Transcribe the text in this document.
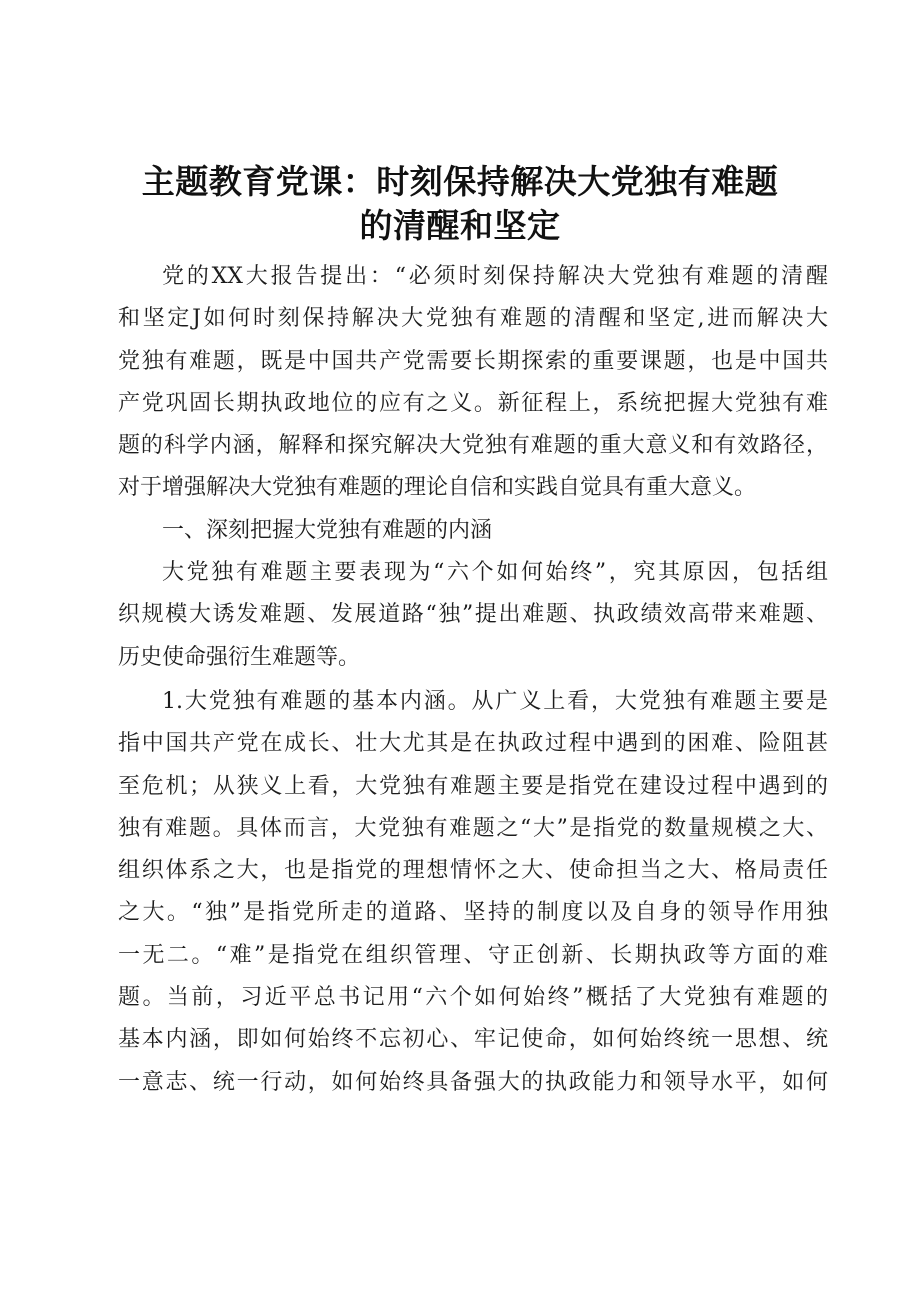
主题教育党课：时刻保持解决大党独有难题
的清醒和坚定
党的XX大报告提出：“必须时刻保持解决大党独有难题的清醒
和坚定J如何时刻保持解决大党独有难题的清醒和坚定,进而解决大
党独有难题，既是中国共产党需要长期探索的重要课题，也是中国共
产党巩固长期执政地位的应有之义。新征程上，系统把握大党独有难
题的科学内涵，解释和探究解决大党独有难题的重大意义和有效路径，
对于增强解决大党独有难题的理论自信和实践自觉具有重大意义。
一、深刻把握大党独有难题的内涵
大党独有难题主要表现为“六个如何始终”，究其原因，包括组
织规模大诱发难题、发展道路“独”提出难题、执政绩效高带来难题、
历史使命强衍生难题等。
1.大党独有难题的基本内涵。从广义上看，大党独有难题主要是
指中国共产党在成长、壮大尤其是在执政过程中遇到的困难、险阻甚
至危机；从狭义上看，大党独有难题主要是指党在建设过程中遇到的
独有难题。具体而言，大党独有难题之“大”是指党的数量规模之大、
组织体系之大，也是指党的理想情怀之大、使命担当之大、格局责任
之大。“独”是指党所走的道路、坚持的制度以及自身的领导作用独
一无二。“难”是指党在组织管理、守正创新、长期执政等方面的难
题。当前，习近平总书记用“六个如何始终”概括了大党独有难题的
基本内涵，即如何始终不忘初心、牢记使命，如何始终统一思想、统
一意志、统一行动，如何始终具备强大的执政能力和领导水平，如何
